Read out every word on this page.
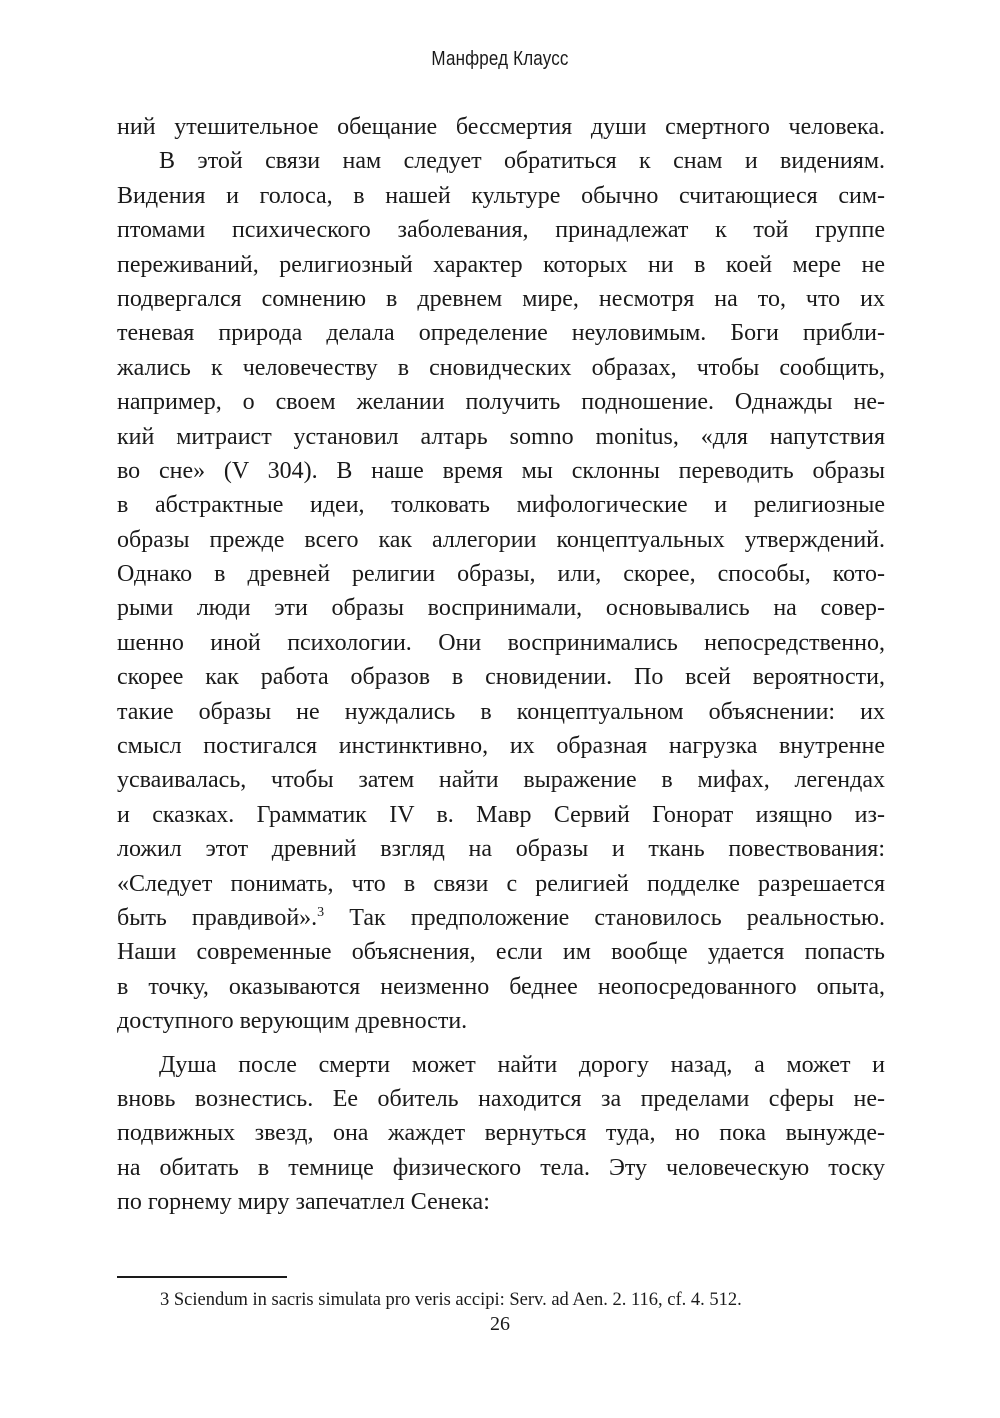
Манфред Клаусс
ний утешительное обещание бессмертия души смертного человека.
В этой связи нам следует обратиться к снам и видениям.
Видения и голоса, в нашей культуре обычно считающиеся сим-
птомами психического заболевания, принадлежат к той группе
переживаний, религиозный характер которых ни в коей мере не
подвергался сомнению в древнем мире, несмотря на то, что их
теневая природа делала определение неуловимым. Боги прибли-
жались к человечеству в сновидческих образах, чтобы сообщить,
например, о своем желании получить подношение. Однажды не-
кий митраист установил алтарь somno monitus, «для напутствия
во сне» (V 304). В наше время мы склонны переводить образы
в абстрактные идеи, толковать мифологические и религиозные
образы прежде всего как аллегории концептуальных утверждений.
Однако в древней религии образы, или, скорее, способы, кото-
рыми люди эти образы воспринимали, основывались на совер-
шенно иной психологии. Они воспринимались непосредственно,
скорее как работа образов в сновидении. По всей вероятности,
такие образы не нуждались в концептуальном объяснении: их
смысл постигался инстинктивно, их образная нагрузка внутренне
усваивалась, чтобы затем найти выражение в мифах, легендах
и сказках. Грамматик IV в. Мавр Сервий Гонорат изящно из-
ложил этот древний взгляд на образы и ткань повествования:
«Следует понимать, что в связи с религией подделке разрешается
быть правдивой».$^3$ Так предположение становилось реальностью.
Наши современные объяснения, если им вообще удается попасть
в точку, оказываются неизменно беднее неопосредованного опыта,
доступного верующим древности.
Душа после смерти может найти дорогу назад, а может и
вновь вознестись. Ее обитель находится за пределами сферы не-
подвижных звезд, она жаждет вернуться туда, но пока вынужде-
на обитать в темнице физического тела. Эту человеческую тоску
по горнему миру запечатлел Сенека:
3 Sciendum in sacris simulata pro veris accipi: Serv. ad Aen. 2. 116, cf. 4. 512.
26
